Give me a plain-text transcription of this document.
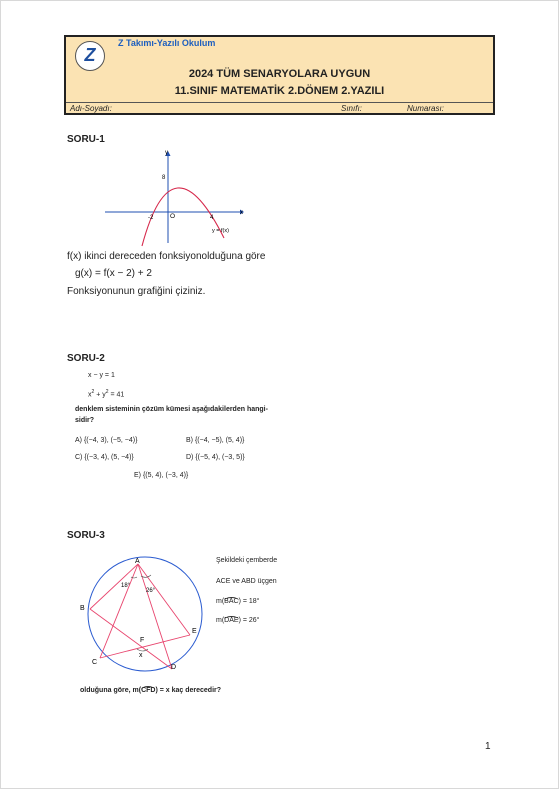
Z
Z Takımı-Yazılı Okulum
2024 TÜM SENARYOLARA UYGUN
11.SINIF MATEMATİK 2.DÖNEM 2.YAZILI
Adı-Soyadı:	Sınıfı:	Numarası:
SORU-1
y
x
8
O
-2	4
y = f(x)
f(x) ikinci dereceden fonksiyonolduğuna göre
g(x) = f(x − 2) + 2
Fonksiyonunun grafiğini çiziniz.
SORU-2
x − y = 1
$x^2 + y^2 = 41$
denklem sisteminin çözüm kümesi aşağıdakilerden hangi-
sidir?
A) {(−4, 3), (−5, −4)}	B) {(−4, −5), (5, 4)}
C) {(−3, 4), (5, −4)}	D) {(−5, 4), (−3, 5)}
E) {(5, 4), (−3, 4)}
SORU-3
A
B
C
D
E
F
x
18°
26°
Şekildeki çemberde
ACE ve ABD üçgen
m(BAC) = 18°
m(DAE) = 26°
olduğuna göre, m(CFD) = x kaç derecedir?
1
